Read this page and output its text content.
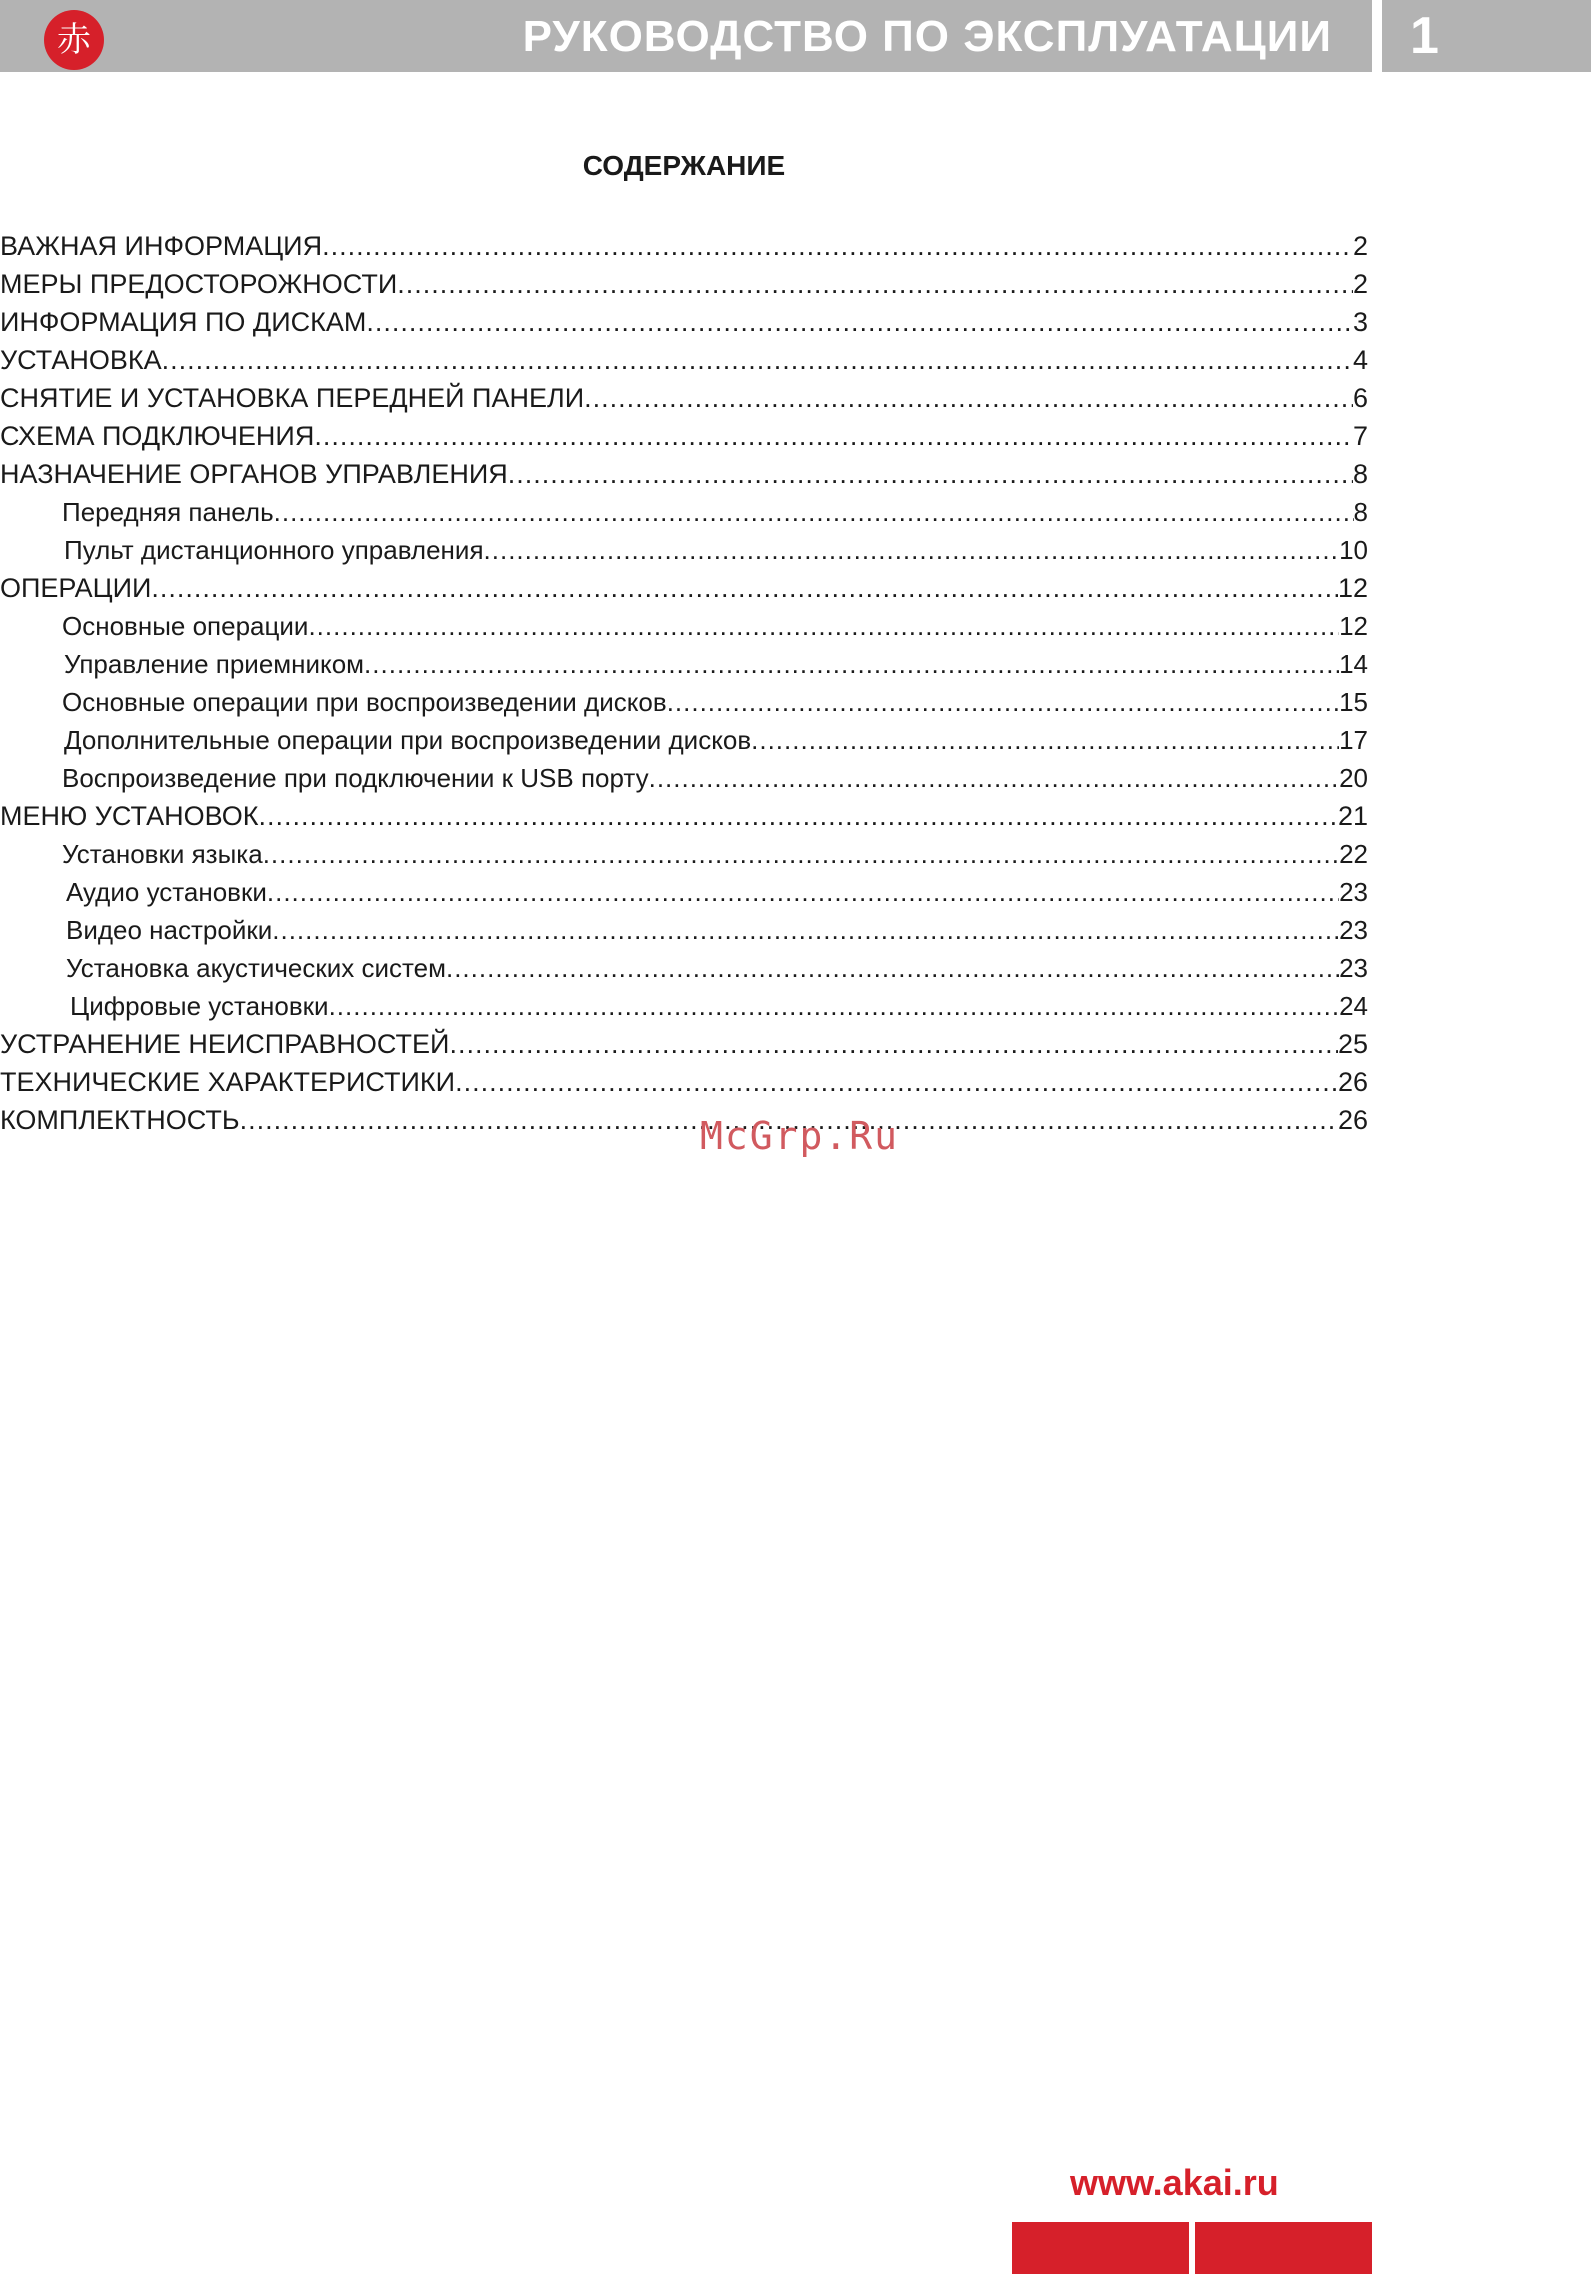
赤	РУКОВОДСТВО ПО ЭКСПЛУАТАЦИИ 1
СОДЕРЖАНИЕ
ВАЖНАЯ ИНФОРМАЦИЯ .....	2
МЕРЫ ПРЕДОСТОРОЖНОСТИ .....	2
ИНФОРМАЦИЯ ПО ДИСКАМ .....	3
УСТАНОВКА .....	4
СНЯТИЕ И УСТАНОВКА ПЕРЕДНЕЙ ПАНЕЛИ .....	6
СХЕМА ПОДКЛЮЧЕНИЯ .....	7
НАЗНАЧЕНИЕ ОРГАНОВ УПРАВЛЕНИЯ .....	8
Передняя панель .....	8
Пульт дистанционного управления .....	10
ОПЕРАЦИИ .....	12
Основные операции .....	12
Управление приемником .....	14
Основные операции при воспроизведении дисков .....	15
Дополнительные операции при воспроизведении дисков .....	17
Воспроизведение при подключении к USB порту .....	20
МЕНЮ УСТАНОВОК .....	21
Установки языка .....	22
Аудио установки .....	23
Видео настройки .....	23
Установка акустических систем .....	23
Цифровые установки .....	24
УСТРАНЕНИЕ НЕИСПРАВНОСТЕЙ .....	25
ТЕХНИЧЕСКИЕ ХАРАКТЕРИСТИКИ .....	26
КОМПЛЕКТНОСТЬ .....	26

McGrp.Ru

www.akai.ru
